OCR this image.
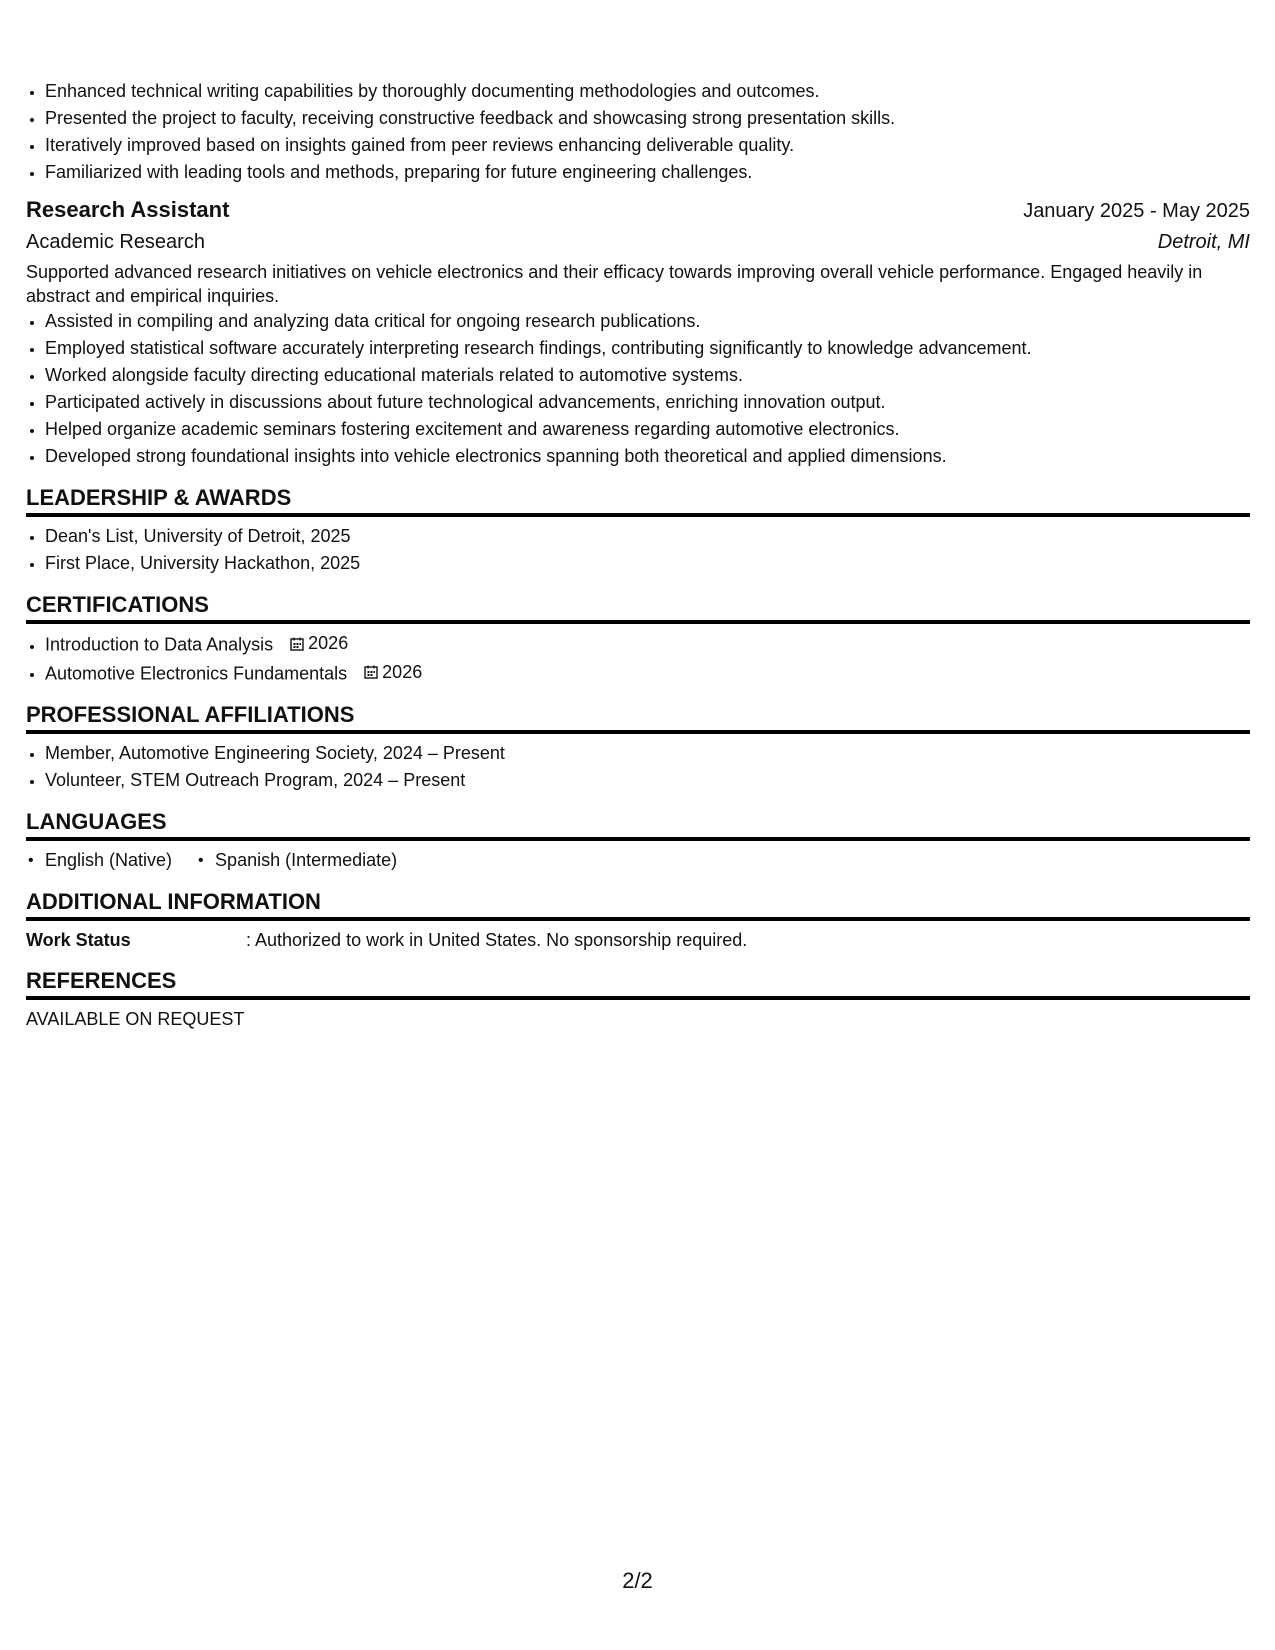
• Enhanced technical writing capabilities by thoroughly documenting methodologies and outcomes.
• Presented the project to faculty, receiving constructive feedback and showcasing strong presentation skills.
• Iteratively improved based on insights gained from peer reviews enhancing deliverable quality.
• Familiarized with leading tools and methods, preparing for future engineering challenges.
Research Assistant	January 2025 - May 2025
Academic Research	Detroit, MI
Supported advanced research initiatives on vehicle electronics and their efficacy towards improving overall vehicle performance. Engaged heavily in abstract and empirical inquiries.
• Assisted in compiling and analyzing data critical for ongoing research publications.
• Employed statistical software accurately interpreting research findings, contributing significantly to knowledge advancement.
• Worked alongside faculty directing educational materials related to automotive systems.
• Participated actively in discussions about future technological advancements, enriching innovation output.
• Helped organize academic seminars fostering excitement and awareness regarding automotive electronics.
• Developed strong foundational insights into vehicle electronics spanning both theoretical and applied dimensions.
LEADERSHIP & AWARDS
• Dean's List, University of Detroit, 2025
• First Place, University Hackathon, 2025
CERTIFICATIONS
• Introduction to Data Analysis 2026
• Automotive Electronics Fundamentals 2026
PROFESSIONAL AFFILIATIONS
• Member, Automotive Engineering Society, 2024 – Present
• Volunteer, STEM Outreach Program, 2024 – Present
LANGUAGES
• English (Native)
•	Spanish (Intermediate)
ADDITIONAL INFORMATION
Work Status	: Authorized to work in United States. No sponsorship required.
REFERENCES
AVAILABLE ON REQUEST
2/2
